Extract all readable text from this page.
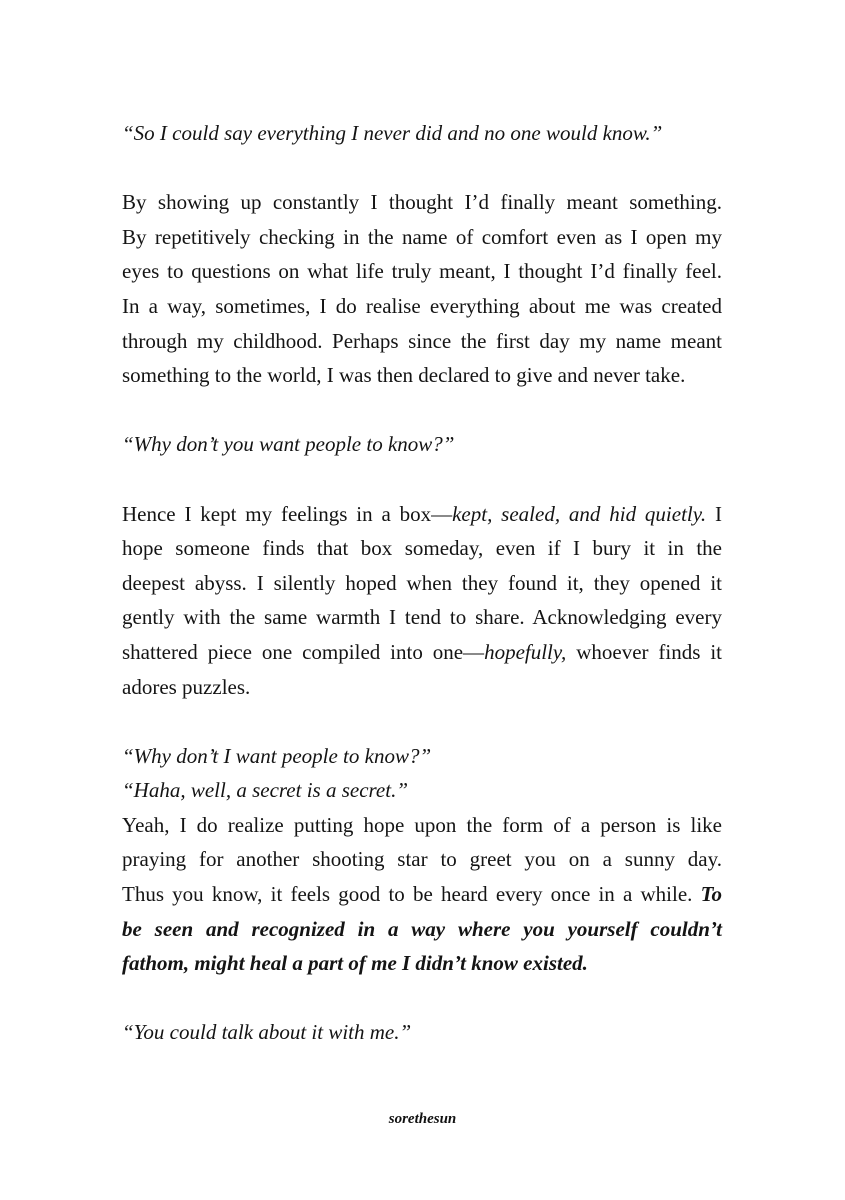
“So I could say everything I never did and no one would know.”
By showing up constantly I thought I’d finally meant something.
By repetitively checking in the name of comfort even as I open my
eyes to questions on what life truly meant, I thought I’d finally feel.
In a way, sometimes, I do realise everything about me was created
through my childhood. Perhaps since the first day my name meant
something to the world, I was then declared to give and never take.
“Why don’t you want people to know?”
Hence I kept my feelings in a box—kept, sealed, and hid quietly. I
hope someone finds that box someday, even if I bury it in the
deepest abyss. I silently hoped when they found it, they opened it
gently with the same warmth I tend to share. Acknowledging every
shattered piece one compiled into one—hopefully, whoever finds it
adores puzzles.
“Why don’t I want people to know?”
“Haha, well, a secret is a secret.”
Yeah, I do realize putting hope upon the form of a person is like
praying for another shooting star to greet you on a sunny day.
Thus you know, it feels good to be heard every once in a while. To
be seen and recognized in a way where you yourself couldn’t
fathom, might heal a part of me I didn’t know existed.
“You could talk about it with me.”
sorethesun
